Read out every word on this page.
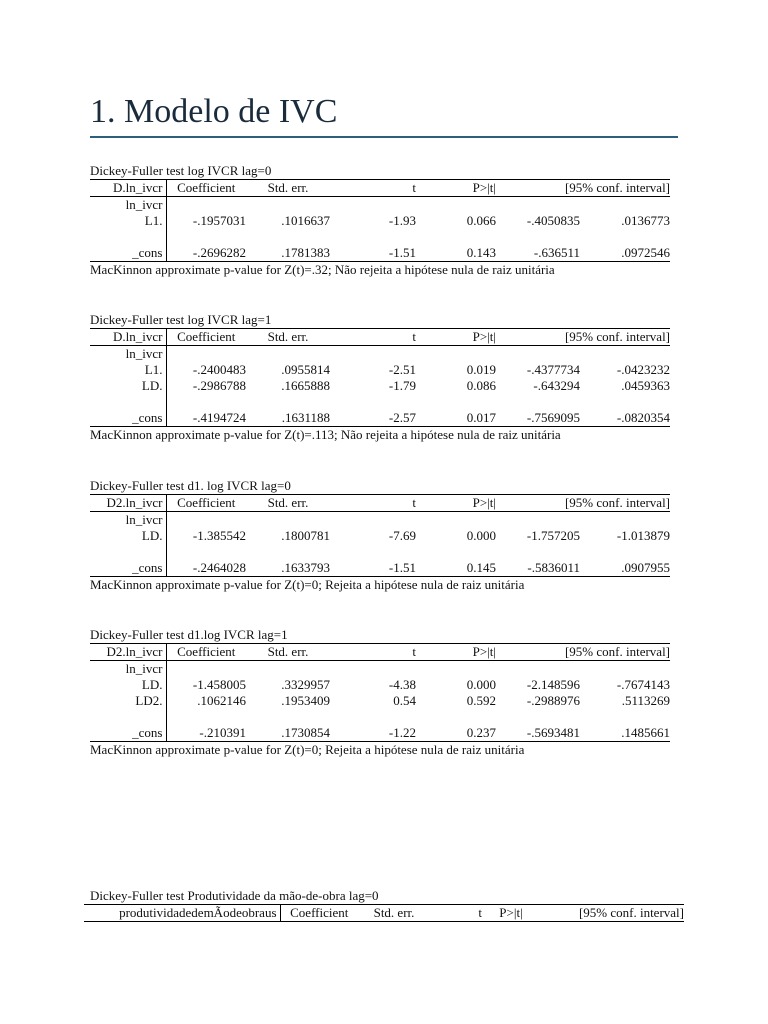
1. Modelo de IVC
Dickey-Fuller test log IVCR lag=0
D.ln_ivcr	Coefficient	Std. err.	t	P>|t|	[95% conf. interval]	
ln_ivcr						
L1.	-.1957031	.1016637	-1.93	0.066	-.4050835	.0136773

_cons	-.2696282	.1781383	-1.51	0.143	-.636511	.0972546
MacKinnon approximate p-value for Z(t)=.32; Não rejeita a hipótese nula de raiz unitária
Dickey-Fuller test log IVCR lag=1
D.ln_ivcr	Coefficient	Std. err.	t	P>|t|	[95% conf. interval]	
ln_ivcr						
L1.	-.2400483	.0955814	-2.51	0.019	-.4377734	-.0423232
LD.	-.2986788	.1665888	-1.79	0.086	-.643294	.0459363

_cons	-.4194724	.1631188	-2.57	0.017	-.7569095	-.0820354
MacKinnon approximate p-value for Z(t)=.113; Não rejeita a hipótese nula de raiz unitária
Dickey-Fuller test d1. log IVCR lag=0
D2.ln_ivcr	Coefficient	Std. err.	t	P>|t|	[95% conf. interval]	
ln_ivcr						
LD.	-1.385542	.1800781	-7.69	0.000	-1.757205	-1.013879

_cons	-.2464028	.1633793	-1.51	0.145	-.5836011	.0907955
MacKinnon approximate p-value for Z(t)=0; Rejeita a hipótese nula de raiz unitária
Dickey-Fuller test d1.log IVCR lag=1
D2.ln_ivcr	Coefficient	Std. err.	t	P>|t|	[95% conf. interval]	
ln_ivcr						
LD.	-1.458005	.3329957	-4.38	0.000	-2.148596	-.7674143
LD2.	.1062146	.1953409	0.54	0.592	-.2988976	.5113269

_cons	-.210391	.1730854	-1.22	0.237	-.5693481	.1485661
MacKinnon approximate p-value for Z(t)=0; Rejeita a hipótese nula de raiz unitária
Dickey-Fuller test Produtividade da mão-de-obra lag=0
produtividadedemÃodeobraus	Coefficient	Std. err.	t	P>|t|	[95% conf. interval]
